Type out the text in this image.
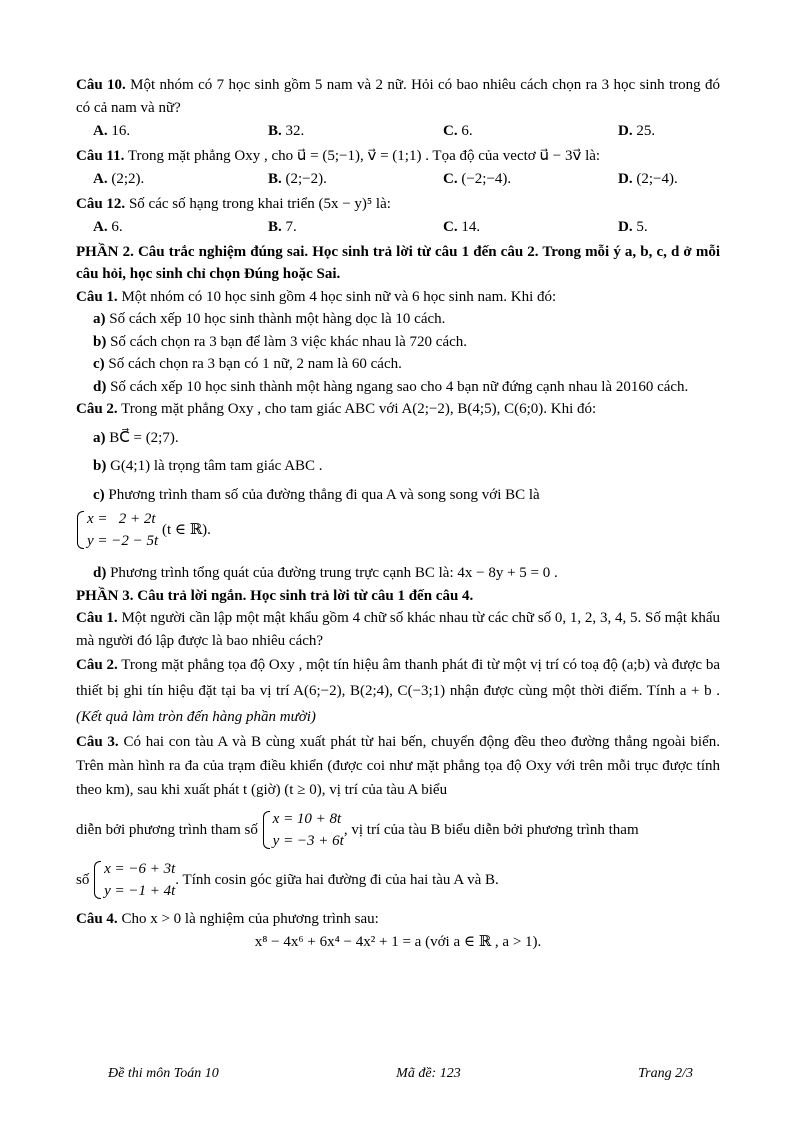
Câu 10. Một nhóm có 7 học sinh gồm 5 nam và 2 nữ. Hỏi có bao nhiêu cách chọn ra 3 học sinh trong đó có cả nam và nữ?

A. 16.	B. 32.	C. 6.	D. 25.

Câu 11. Trong mặt phẳng Oxy , cho u⃗ = (5;−1), v⃗ = (1;1) . Tọa độ của vectơ u⃗ − 3v⃗ là:

A. (2;2).	B. (2;−2).	C. (−2;−4).	D. (2;−4).

Câu 12. Số các số hạng trong khai triển (5x − y)⁵ là:

A. 6.	B. 7.	C. 14.	D. 5.

PHẦN 2. Câu trắc nghiệm đúng sai. Học sinh trả lời từ câu 1 đến câu 2. Trong mỗi ý a, b, c, d ở mỗi câu hỏi, học sinh chỉ chọn Đúng hoặc Sai.

Câu 1. Một nhóm có 10 học sinh gồm 4 học sinh nữ và 6 học sinh nam. Khi đó:

a) Số cách xếp 10 học sinh thành một hàng dọc là 10 cách.

b) Số cách chọn ra 3 bạn để làm 3 việc khác nhau là 720 cách.

c) Số cách chọn ra 3 bạn có 1 nữ, 2 nam là 60 cách.

d) Số cách xếp 10 học sinh thành một hàng ngang sao cho 4 bạn nữ đứng cạnh nhau là 20160 cách.

Câu 2. Trong mặt phẳng Oxy , cho tam giác ABC với A(2;−2), B(4;5), C(6;0). Khi đó:

a) BC⃗ = (2;7).

b) G(4;1) là trọng tâm tam giác ABC .

c) Phương trình tham số của đường thẳng đi qua A và song song với BC là

x =   2 + 2t
y = −2 − 5t
(t ∈ ℝ).

d) Phương trình tổng quát của đường trung trực cạnh BC là: 4x − 8y + 5 = 0 .

PHẦN 3. Câu trả lời ngắn. Học sinh trả lời từ câu 1 đến câu 4.

Câu 1. Một người cần lập một mật khẩu gồm 4 chữ số khác nhau từ các chữ số 0, 1, 2, 3, 4, 5. Số mật khẩu mà người đó lập được là bao nhiêu cách?

Câu 2. Trong mặt phẳng tọa độ Oxy , một tín hiệu âm thanh phát đi từ một vị trí có toạ độ (a;b) và được ba thiết bị ghi tín hiệu đặt tại ba vị trí A(6;−2), B(2;4), C(−3;1) nhận được cùng một thời điểm. Tính a + b . (Kết quả làm tròn đến hàng phần mười)

Câu 3. Có hai con tàu A và B cùng xuất phát từ hai bến, chuyển động đều theo đường thẳng ngoài biển. Trên màn hình ra đa của trạm điều khiển (được coi như mặt phẳng tọa độ Oxy với trên mỗi trục được tính theo km), sau khi xuất phát t (giờ) (t ≥ 0), vị trí của tàu A biểu

diễn bởi phương trình tham số
x = 10 + 8t
y = −3 + 6t
, vị trí của tàu B biểu diễn bởi phương trình tham
số
x = −6 + 3t
y = −1 + 4t
. Tính cosin góc giữa hai đường đi của hai tàu A và B.

Câu 4. Cho x > 0 là nghiệm của phương trình sau:

x⁸ − 4x⁶ + 6x⁴ − 4x² + 1 = a (với a ∈ ℝ , a > 1).

Đề thi môn Toán 10	Mã đề: 123	Trang 2/3
